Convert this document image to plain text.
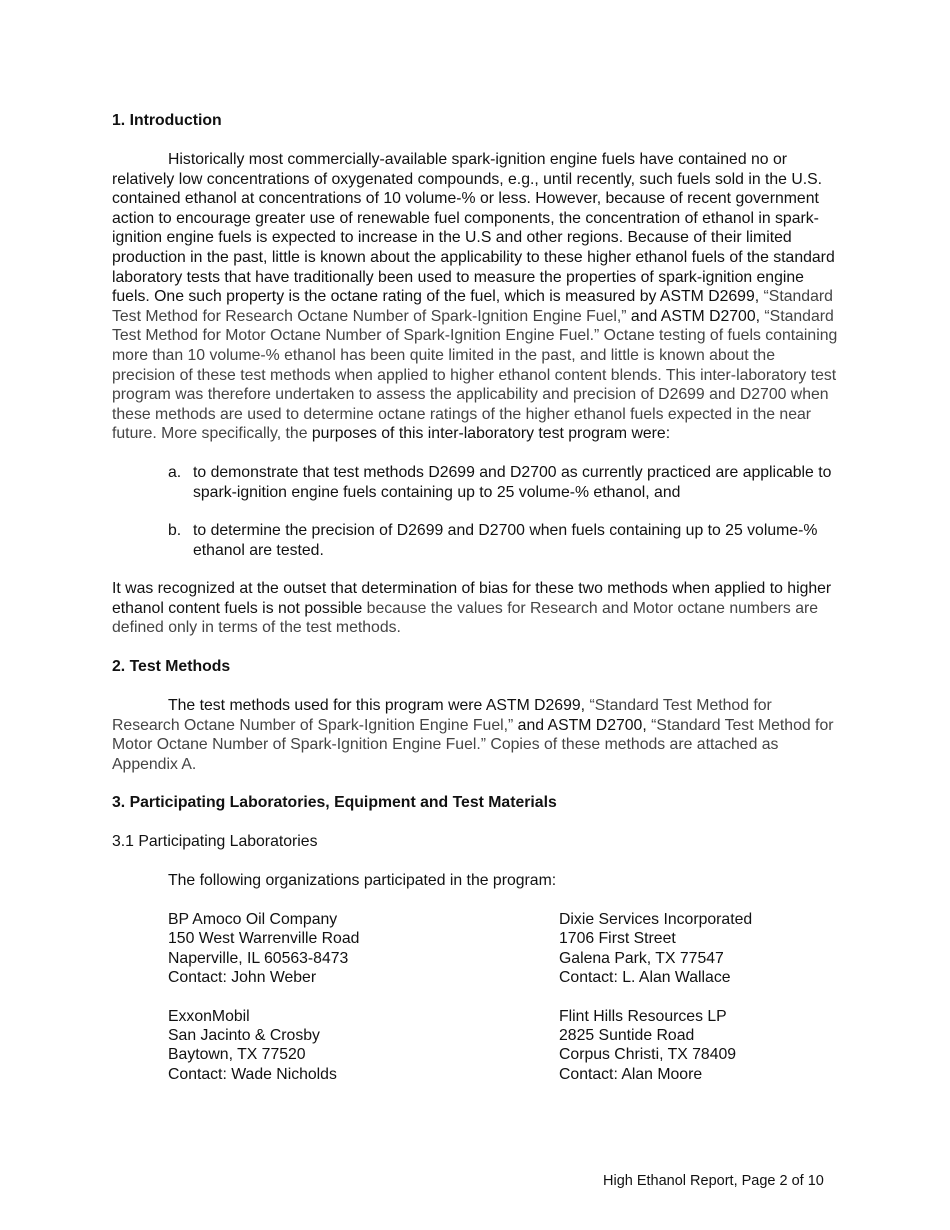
1. Introduction

Historically most commercially-available spark-ignition engine fuels have contained no or relatively low concentrations of oxygenated compounds, e.g., until recently, such fuels sold in the U.S. contained ethanol at concentrations of 10 volume-% or less. However, because of recent government action to encourage greater use of renewable fuel components, the concentration of ethanol in spark-ignition engine fuels is expected to increase in the U.S and other regions. Because of their limited production in the past, little is known about the applicability to these higher ethanol fuels of the standard laboratory tests that have traditionally been used to measure the properties of spark-ignition engine fuels. One such property is the octane rating of the fuel, which is measured by ASTM D2699, “Standard Test Method for Research Octane Number of Spark-Ignition Engine Fuel,” and ASTM D2700, “Standard Test Method for Motor Octane Number of Spark-Ignition Engine Fuel.” Octane testing of fuels containing more than 10 volume-% ethanol has been quite limited in the past, and little is known about the precision of these test methods when applied to higher ethanol content blends. This inter-laboratory test program was therefore undertaken to assess the applicability and precision of D2699 and D2700 when these methods are used to determine octane ratings of the higher ethanol fuels expected in the near future. More specifically, the purposes of this inter-laboratory test program were:

a. to demonstrate that test methods D2699 and D2700 as currently practiced are applicable to spark-ignition engine fuels containing up to 25 volume-% ethanol, and
b. to determine the precision of D2699 and D2700 when fuels containing up to 25 volume-% ethanol are tested.

It was recognized at the outset that determination of bias for these two methods when applied to higher ethanol content fuels is not possible because the values for Research and Motor octane numbers are defined only in terms of the test methods.

2. Test Methods

The test methods used for this program were ASTM D2699, “Standard Test Method for Research Octane Number of Spark-Ignition Engine Fuel,” and ASTM D2700, “Standard Test Method for Motor Octane Number of Spark-Ignition Engine Fuel.” Copies of these methods are attached as Appendix A.

3. Participating Laboratories, Equipment and Test Materials

3.1 Participating Laboratories

The following organizations participated in the program:

BP Amoco Oil Company
150 West Warrenville Road
Naperville, IL 60563-8473
Contact: John Weber
Dixie Services Incorporated
1706 First Street
Galena Park, TX 77547
Contact: L. Alan Wallace
ExxonMobil
San Jacinto & Crosby
Baytown, TX 77520
Contact: Wade Nicholds
Flint Hills Resources LP
2825 Suntide Road
Corpus Christi, TX 78409
Contact: Alan Moore
High Ethanol Report, Page 2 of 10
